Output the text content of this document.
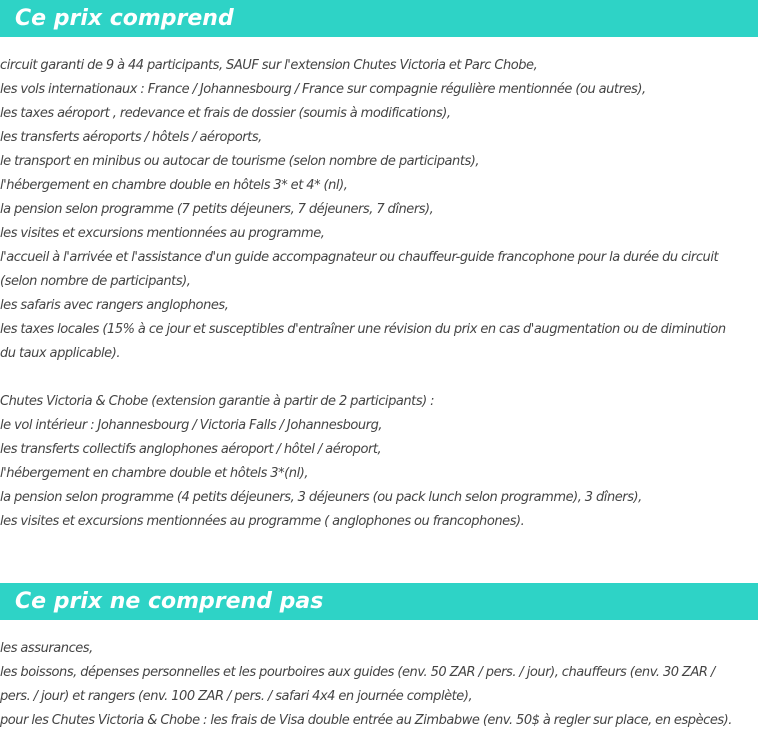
Ce prix comprend
circuit garanti de 9 à 44 participants, SAUF sur l'extension Chutes Victoria et Parc Chobe,
les vols internationaux : France / Johannesbourg / France sur compagnie régulière mentionnée (ou autres),
les taxes aéroport , redevance et frais de dossier (soumis à modifications),
les transferts aéroports / hôtels / aéroports,
le transport en minibus ou autocar de tourisme (selon nombre de participants),
l'hébergement en chambre double en hôtels 3* et 4* (nl),
la pension selon programme (7 petits déjeuners, 7 déjeuners, 7 dîners),
les visites et excursions mentionnées au programme,
l'accueil à l'arrivée et l'assistance d'un guide accompagnateur ou chauffeur-guide francophone pour la durée du circuit
(selon nombre de participants),
les safaris avec rangers anglophones,
les taxes locales (15% à ce jour et susceptibles d'entraîner une révision du prix en cas d'augmentation ou de diminution
du taux applicable).
Chutes Victoria & Chobe (extension garantie à partir de 2 participants) :
le vol intérieur : Johannesbourg / Victoria Falls / Johannesbourg,
les transferts collectifs anglophones aéroport / hôtel / aéroport,
l'hébergement en chambre double et hôtels 3*(nl),
la pension selon programme (4 petits déjeuners, 3 déjeuners (ou pack lunch selon programme), 3 dîners),
les visites et excursions mentionnées au programme ( anglophones ou francophones).
Ce prix ne comprend pas
les assurances,
les boissons, dépenses personnelles et les pourboires aux guides (env. 50 ZAR / pers. / jour), chauffeurs (env. 30 ZAR /
pers. / jour) et rangers (env. 100 ZAR / pers. / safari 4x4 en journée complète),
pour les Chutes Victoria & Chobe : les frais de Visa double entrée au Zimbabwe (env. 50$ à regler sur place, en espèces).
